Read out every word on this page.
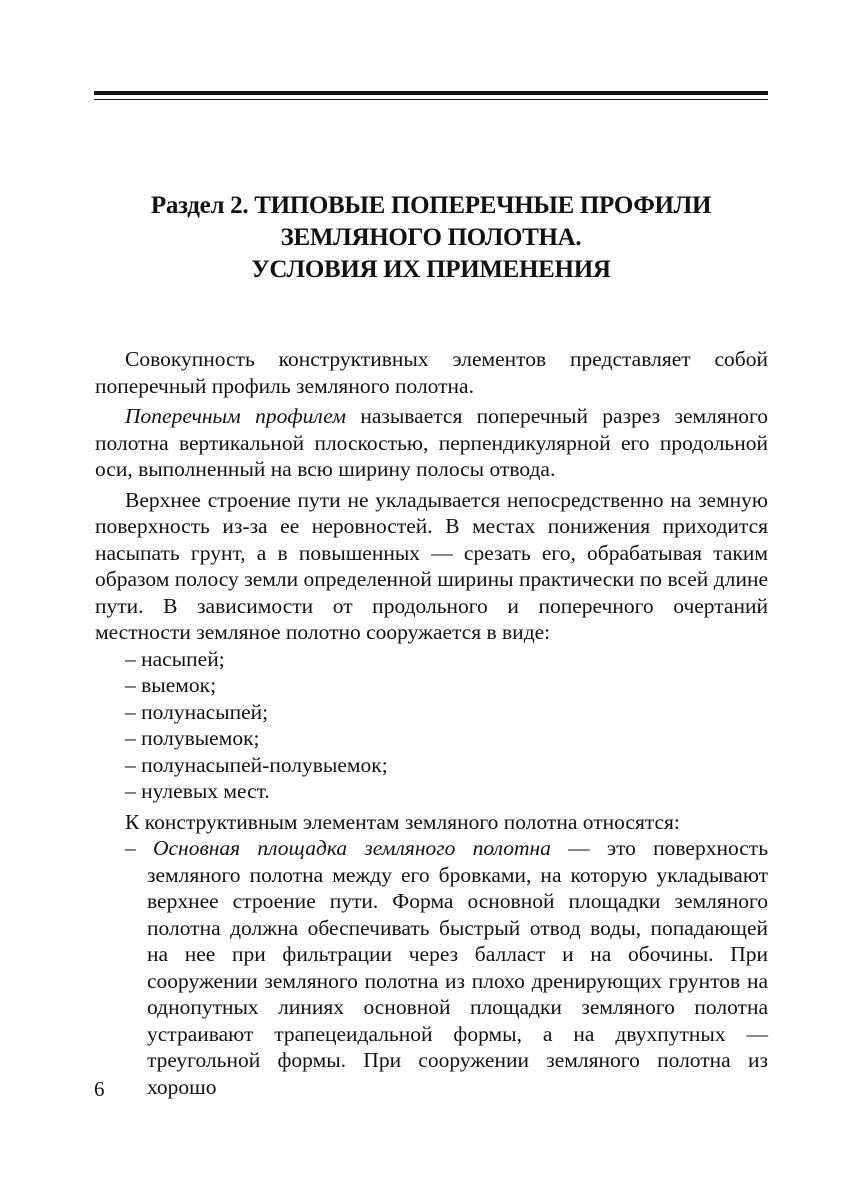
Раздел 2. ТИПОВЫЕ ПОПЕРЕЧНЫЕ ПРОФИЛИ
ЗЕМЛЯНОГО ПОЛОТНА.
УСЛОВИЯ ИХ ПРИМЕНЕНИЯ

Совокупность конструктивных элементов представляет собой поперечный профиль земляного полотна.

Поперечным профилем называется поперечный разрез земляного полотна вертикальной плоскостью, перпендикулярной его продольной оси, выполненный на всю ширину полосы отвода.

Верхнее строение пути не укладывается непосредственно на земную поверхность из-за ее неровностей. В местах понижения приходится насыпать грунт, а в повышенных — срезать его, обрабатывая таким образом полосу земли определенной ширины практически по всей длине пути. В зависимости от продольного и поперечного очертаний местности земляное полотно сооружается в виде:

– насыпей;
– выемок;
– полунасыпей;
– полувыемок;
– полунасыпей-полувыемок;
– нулевых мест.

К конструктивным элементам земляного полотна относятся:

– Основная площадка земляного полотна — это поверхность земляного полотна между его бровками, на которую укладывают верхнее строение пути. Форма основной площадки земляного полотна должна обеспечивать быстрый отвод воды, попадающей на нее при фильтрации через балласт и на обочины. При сооружении земляного полотна из плохо дренирующих грунтов на однопутных линиях основной площадки земляного полотна устраивают трапецеидальной формы, а на двухпутных — треугольной формы. При сооружении земляного полотна из хорошо
6
